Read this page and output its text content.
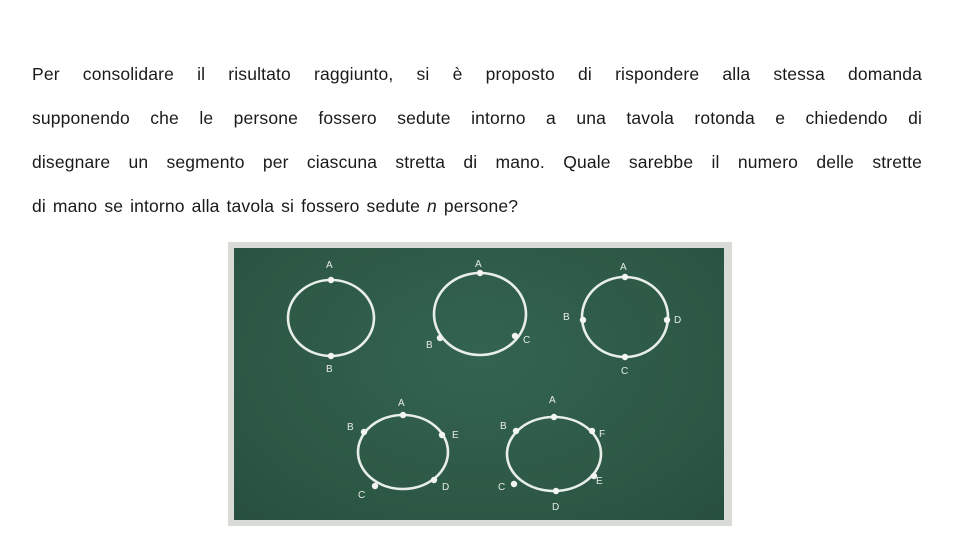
Per consolidare il risultato raggiunto, si è proposto di rispondere alla stessa domanda
supponendo che le persone fossero sedute intorno a una tavola rotonda e chiedendo di
disegnare un segmento per ciascuna stretta di mano. Quale sarebbe il numero delle strette
di mano se intorno alla tavola si fossero sedute n persone?
A
B
A
B	C
A
B	D
C
A
B
E
C
D
A
B
F
C
E
D
